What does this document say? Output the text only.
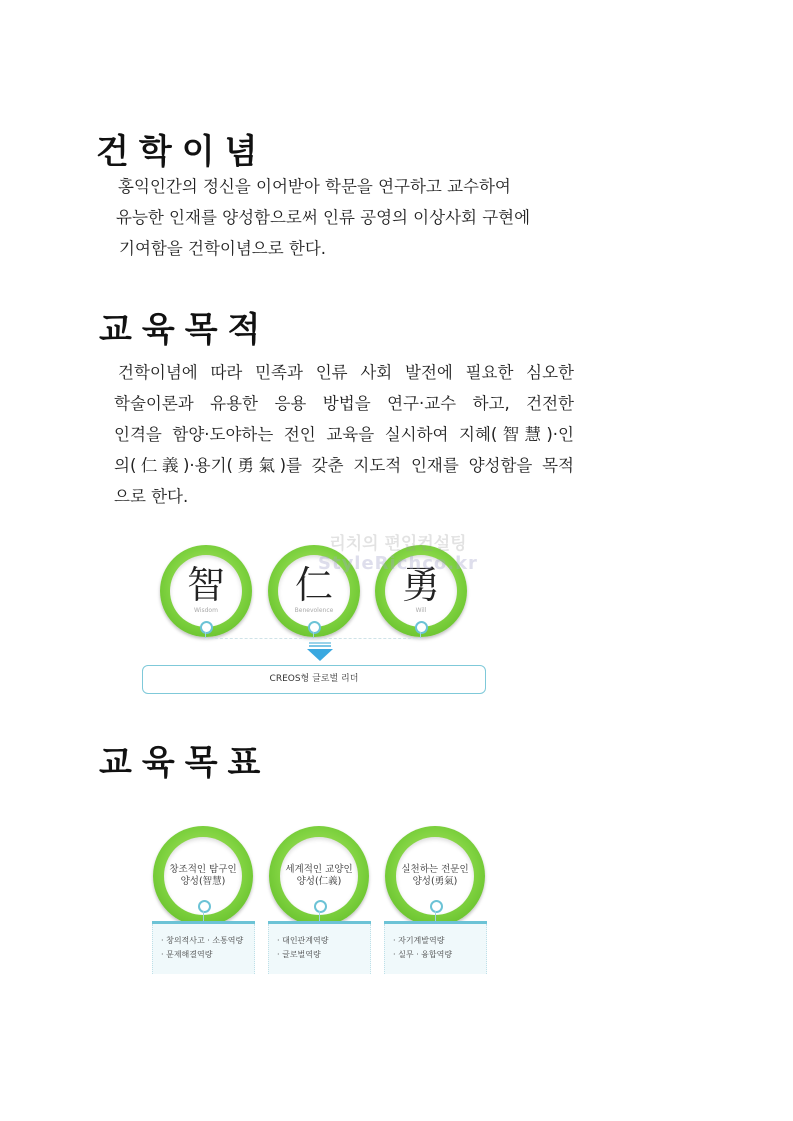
건학이념
홍익인간의 정신을 이어받아 학문을 연구하고 교수하여
유능한 인재를 양성함으로써 인류 공영의 이상사회 구현에
기여함을 건학이념으로 한다.
교육목적
건학이념에 따라 민족과 인류 사회 발전에 필요한 심오한
학술이론과 유용한 응용 방법을 연구·교수 하고, 건전한
인격을 함양·도야하는 전인 교육을 실시하여 지혜(智慧)·인
의(仁義)·용기(勇氣)를 갖춘 지도적 인재를 양성함을 목적
으로 한다.
智
Wisdom
仁
Benevolence
勇
Will
CREOS형 글로벌 리더
리치의 편입컨설팅
StyleRichco.kr
교육목표
창조적인 탐구인
양성(智慧)
세계적인 교양인
양성(仁義)
실천하는 전문인
양성(勇氣)
· 창의적사고 · 소통역량
· 문제해결역량
· 대인관계역량
· 글로벌역량
· 자기계발역량
· 실무 · 융합역량
